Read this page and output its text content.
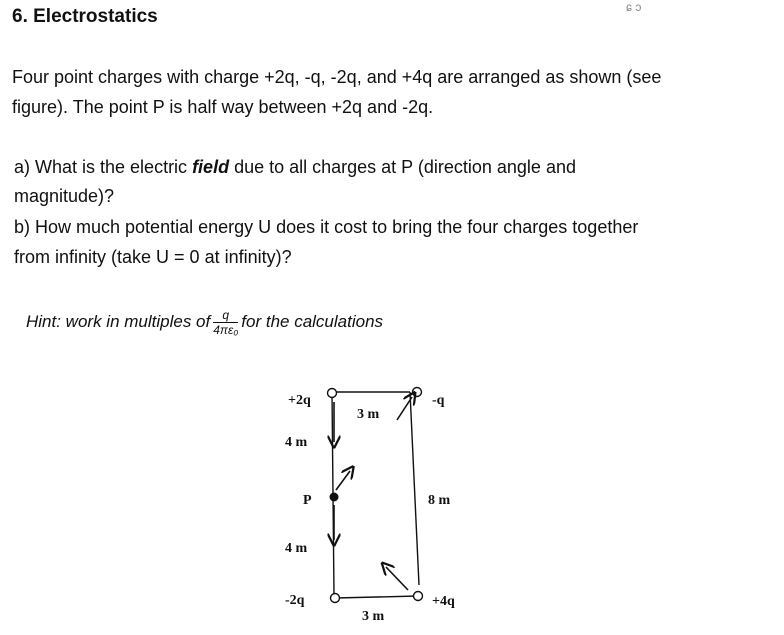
ɕ ͻ
6. Electrostatics
Four point charges with charge +2q, -q, -2q, and +4q are arranged as shown (see
figure). The point P is half way between +2q and -2q.
a) What is the electric field due to all charges at P (direction angle and
magnitude)?
b) How much potential energy U does it cost to bring the four charges together
from infinity (take U = 0 at infinity)?
Hint: work in multiples of $\frac{q}{\text{4πε₀}}$ for the calculations
+2q	-q
-2q	+4q
3 m
3 m
4 m
4 m
8 m
P
